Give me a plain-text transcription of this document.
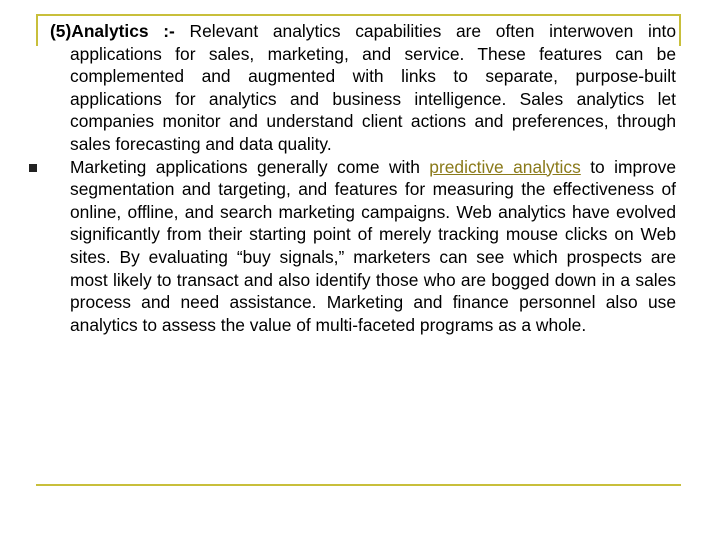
(5)Analytics :- Relevant analytics capabilities are often interwoven into applications for sales, marketing, and service. These features can be complemented and augmented with links to separate, purpose-built applications for analytics and business intelligence. Sales analytics let companies monitor and understand client actions and preferences, through sales forecasting and data quality.

Marketing applications generally come with predictive analytics to improve segmentation and targeting, and features for measuring the effectiveness of online, offline, and search marketing campaigns. Web analytics have evolved significantly from their starting point of merely tracking mouse clicks on Web sites. By evaluating “buy signals,” marketers can see which prospects are most likely to transact and also identify those who are bogged down in a sales process and need assistance. Marketing and finance personnel also use analytics to assess the value of multi-faceted programs as a whole.
